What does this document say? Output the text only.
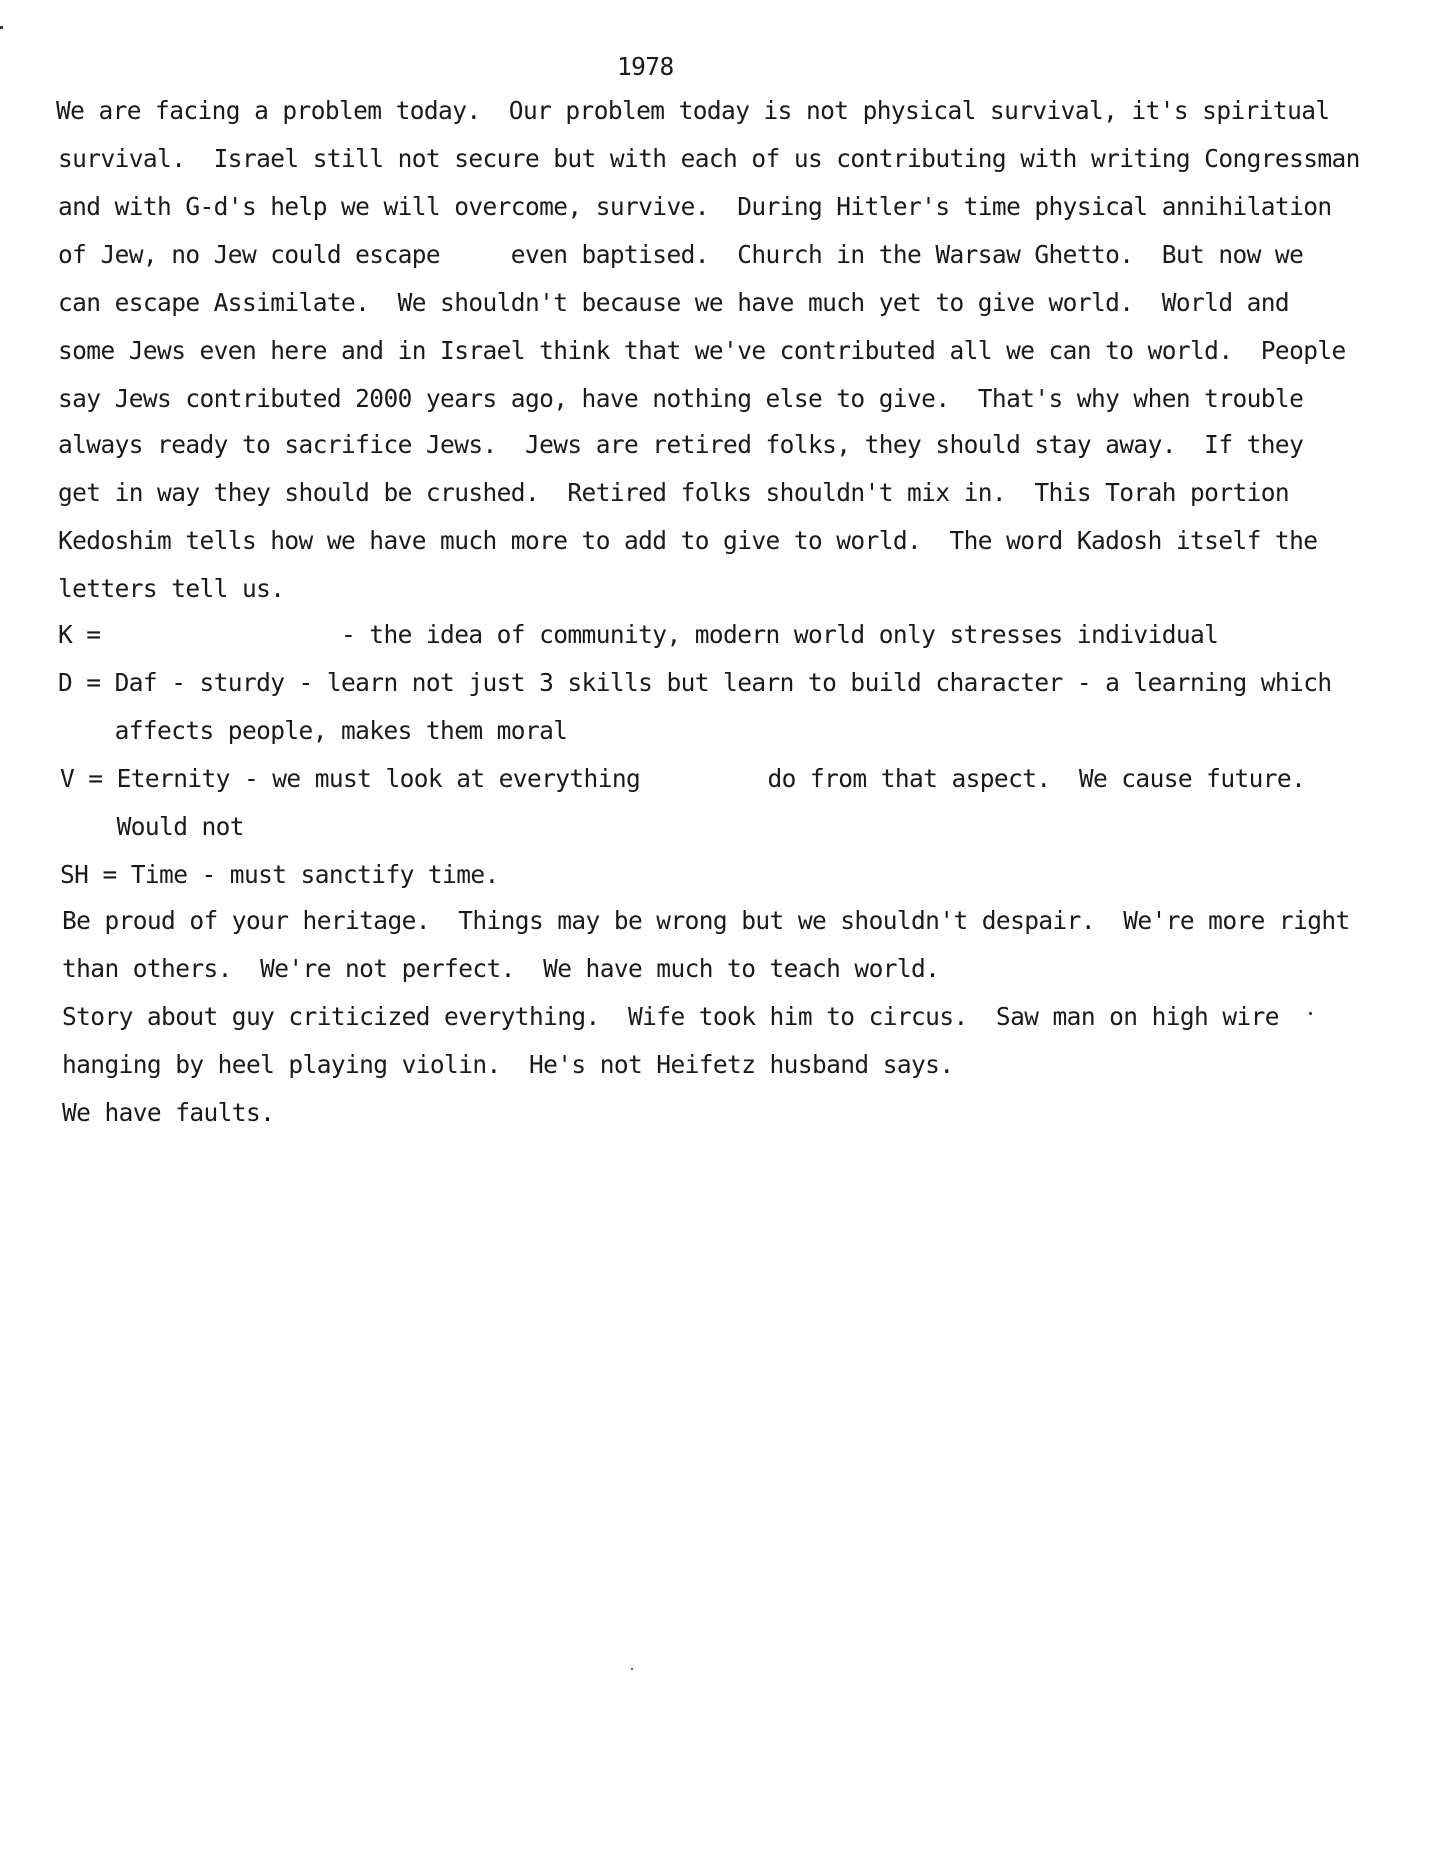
1978
We are facing a problem today.  Our problem today is not physical survival, it's spiritual
survival.  Israel still not secure but with each of us contributing with writing Congressman
and with G-d's help we will overcome, survive.  During Hitler's time physical annihilation
of Jew, no Jew could escape     even baptised.  Church in the Warsaw Ghetto.  But now we
can escape Assimilate.  We shouldn't because we have much yet to give world.  World and
some Jews even here and in Israel think that we've contributed all we can to world.  People
say Jews contributed 2000 years ago, have nothing else to give.  That's why when trouble
always ready to sacrifice Jews.  Jews are retired folks, they should stay away.  If they
get in way they should be crushed.  Retired folks shouldn't mix in.  This Torah portion
Kedoshim tells how we have much more to add to give to world.  The word Kadosh itself the
letters tell us.
K =                 - the idea of community, modern world only stresses individual
D = Daf - sturdy - learn not just 3 skills but learn to build character - a learning which
affects people, makes them moral
V = Eternity - we must look at everything         do from that aspect.  We cause future.
Would not
SH = Time - must sanctify time.
Be proud of your heritage.  Things may be wrong but we shouldn't despair.  We're more right
than others.  We're not perfect.  We have much to teach world.
Story about guy criticized everything.  Wife took him to circus.  Saw man on high wire
hanging by heel playing violin.  He's not Heifetz husband says.
We have faults.
